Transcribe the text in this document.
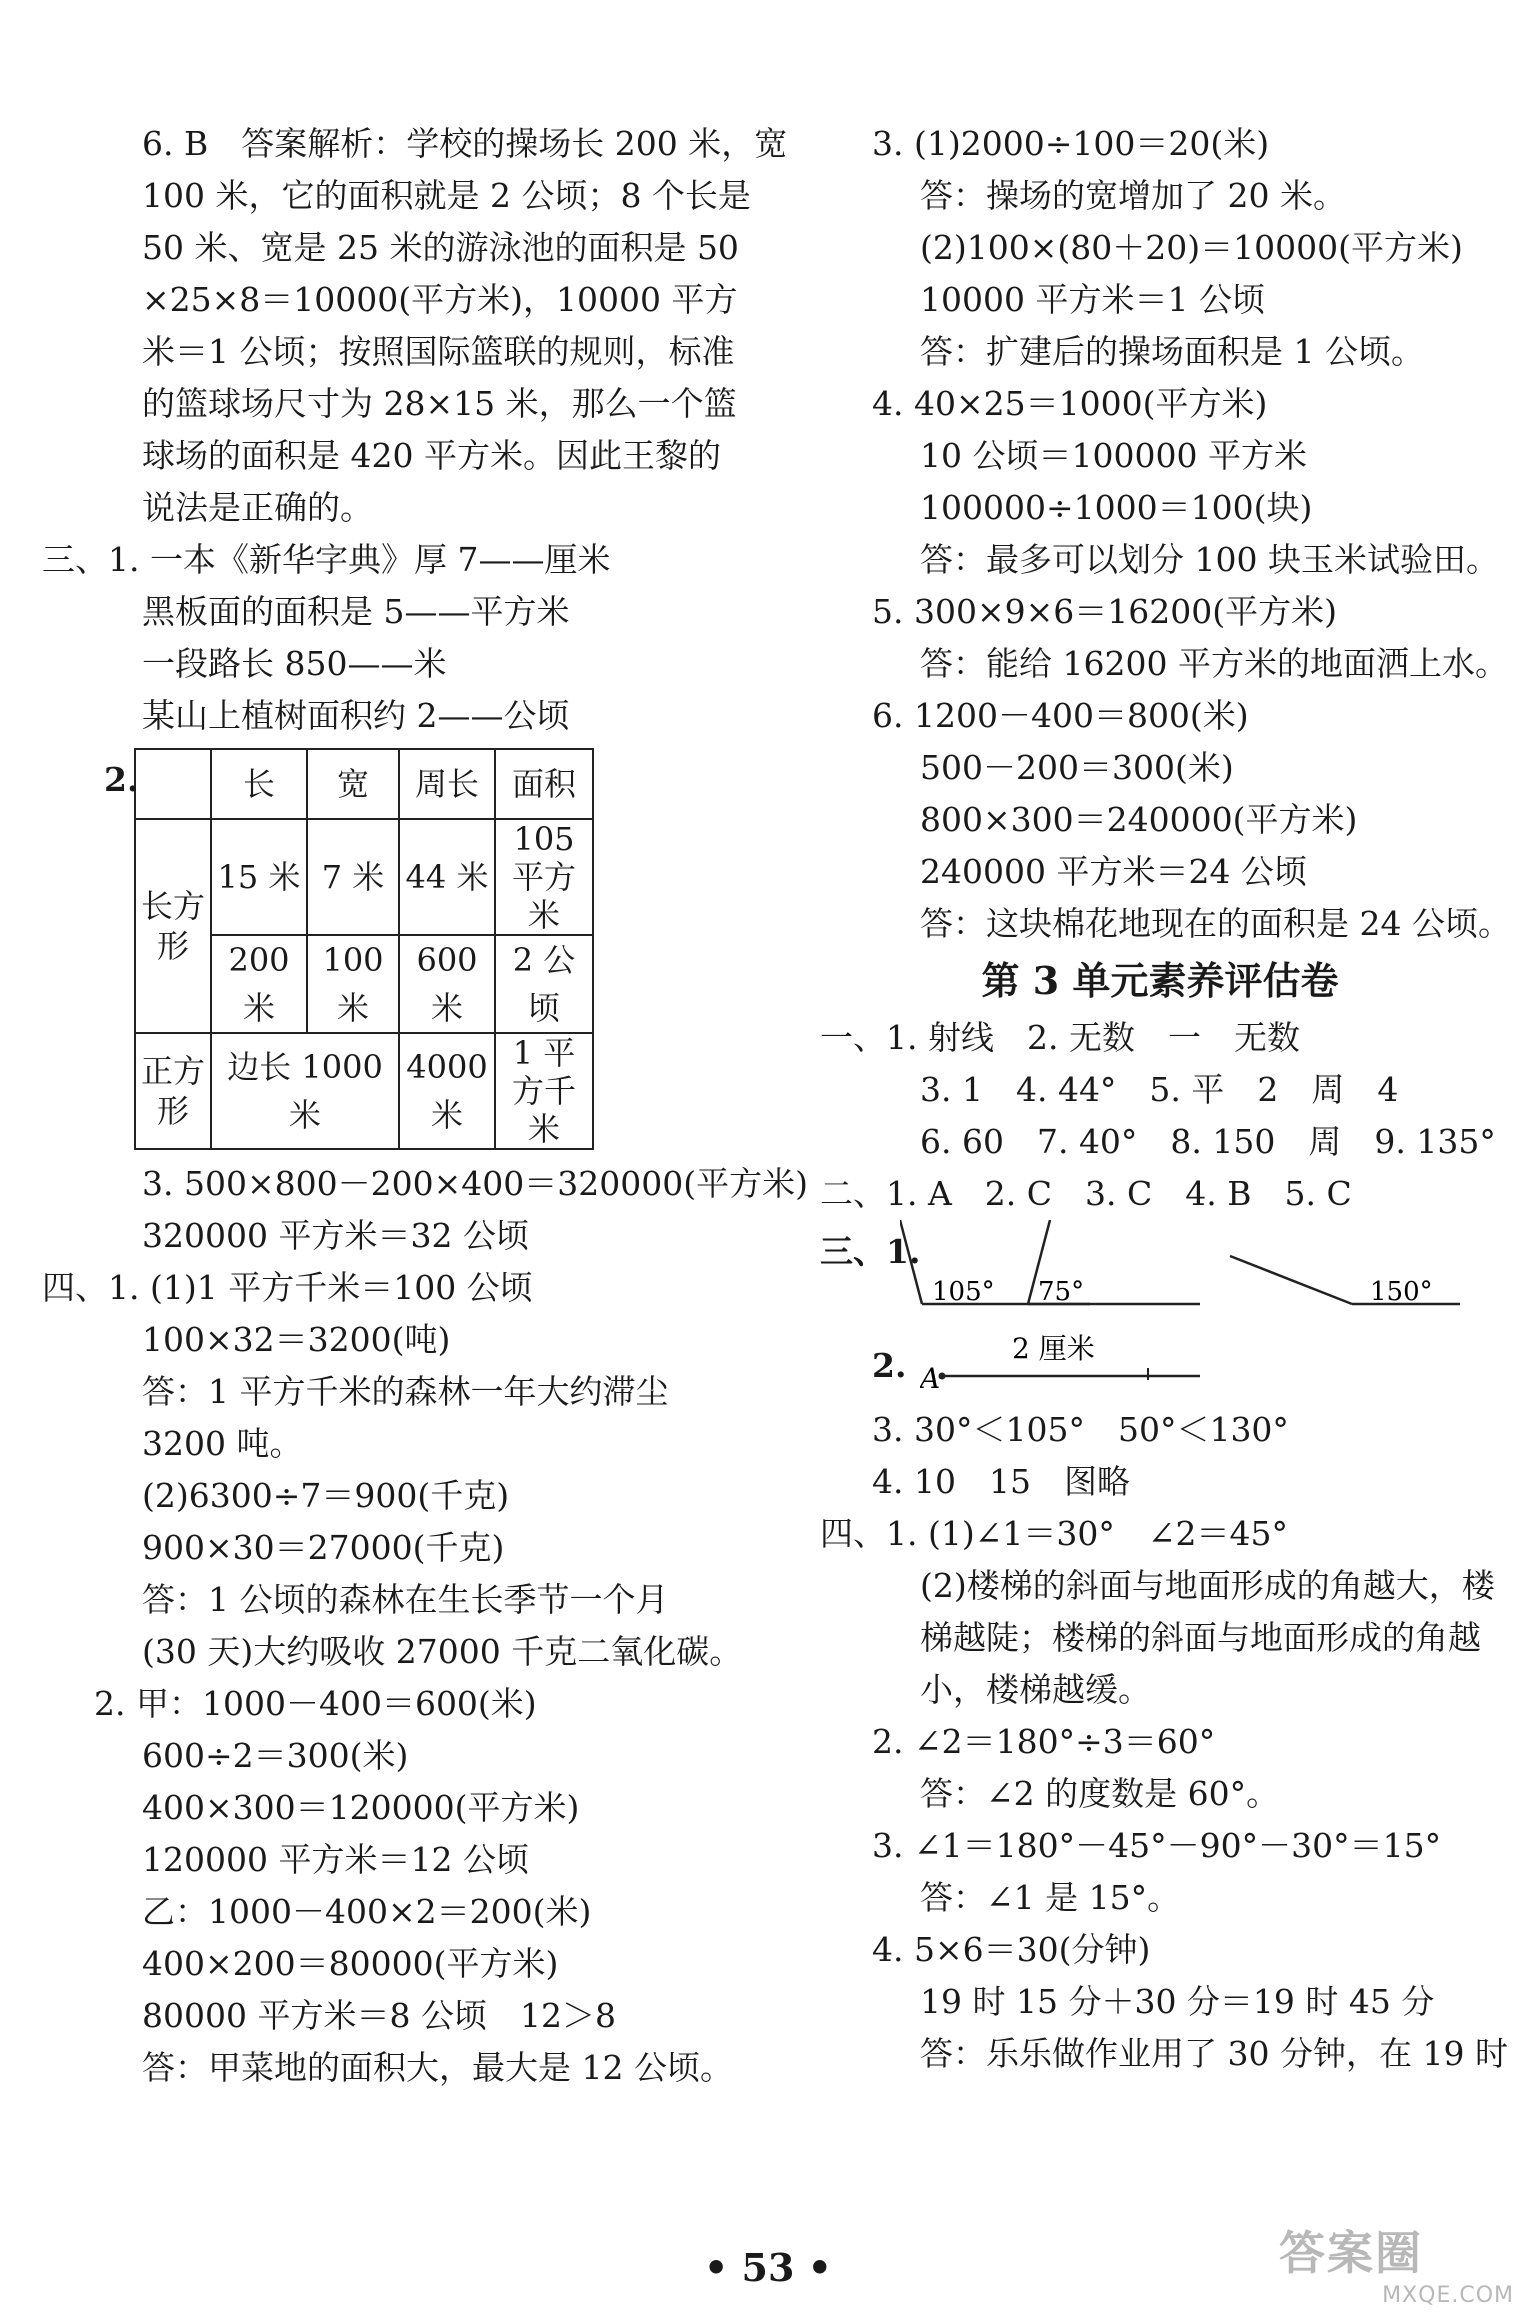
6. B　答案解析：学校的操场长 200 米，宽
100 米，它的面积就是 2 公顷；8 个长是
50 米、宽是 25 米的游泳池的面积是 50
×25×8＝10000(平方米)，10000 平方
米＝1 公顷；按照国际篮联的规则，标准
的篮球场尺寸为 28×15 米，那么一个篮
球场的面积是 420 平方米。因此王黎的
说法是正确的。
三、1. 一本《新华字典》厚 7——厘米
黑板面的面积是 5——平方米
一段路长 850——米
某山上植树面积约 2——公顷
2.
		长	宽	周长	面积
长方形	15 米	7 米	44 米	105 平方米
	200 米	100 米	600 米	2 公顷
正方形	边长 1000 米		4000 米	1 平方千米
3. 500×800－200×400＝320000(平方米)
320000 平方米＝32 公顷
四、1. (1)1 平方千米＝100 公顷
100×32＝3200(吨)
答：1 平方千米的森林一年大约滞尘
3200 吨。
(2)6300÷7＝900(千克)
900×30＝27000(千克)
答：1 公顷的森林在生长季节一个月
(30 天)大约吸收 27000 千克二氧化碳。
2. 甲：1000－400＝600(米)
600÷2＝300(米)
400×300＝120000(平方米)
120000 平方米＝12 公顷
乙：1000－400×2＝200(米)
400×200＝80000(平方米)
80000 平方米＝8 公顷　12＞8
答：甲菜地的面积大，最大是 12 公顷。
3. (1)2000÷100＝20(米)
答：操场的宽增加了 20 米。
(2)100×(80＋20)＝10000(平方米)
10000 平方米＝1 公顷
答：扩建后的操场面积是 1 公顷。
4. 40×25＝1000(平方米)
10 公顷＝100000 平方米
100000÷1000＝100(块)
答：最多可以划分 100 块玉米试验田。
5. 300×9×6＝16200(平方米)
答：能给 16200 平方米的地面洒上水。
6. 1200－400＝800(米)
500－200＝300(米)
800×300＝240000(平方米)
240000 平方米＝24 公顷
答：这块棉花地现在的面积是 24 公顷。
第 3 单元素养评估卷
一、1. 射线　2. 无数　一　无数
3. 1　4. 44°　5. 平　2　周　4
6. 60　7. 40°　8. 150　周　9. 135°
二、1. A　2. C　3. C　4. B　5. C
三、1.
105° 75°	150°
2. A
2 厘米
3. 30°＜105°　50°＜130°
4. 10　15　图略
四、1. (1)∠1＝30°　∠2＝45°
(2)楼梯的斜面与地面形成的角越大，楼
梯越陡；楼梯的斜面与地面形成的角越
小，楼梯越缓。
2. ∠2＝180°÷3＝60°
答：∠2 的度数是 60°。
3. ∠1＝180°－45°－90°－30°＝15°
答：∠1 是 15°。
4. 5×6＝30(分钟)
19 时 15 分＋30 分＝19 时 45 分
答：乐乐做作业用了 30 分钟，在 19 时
• 53 •	答案圈
MXQE.COM
